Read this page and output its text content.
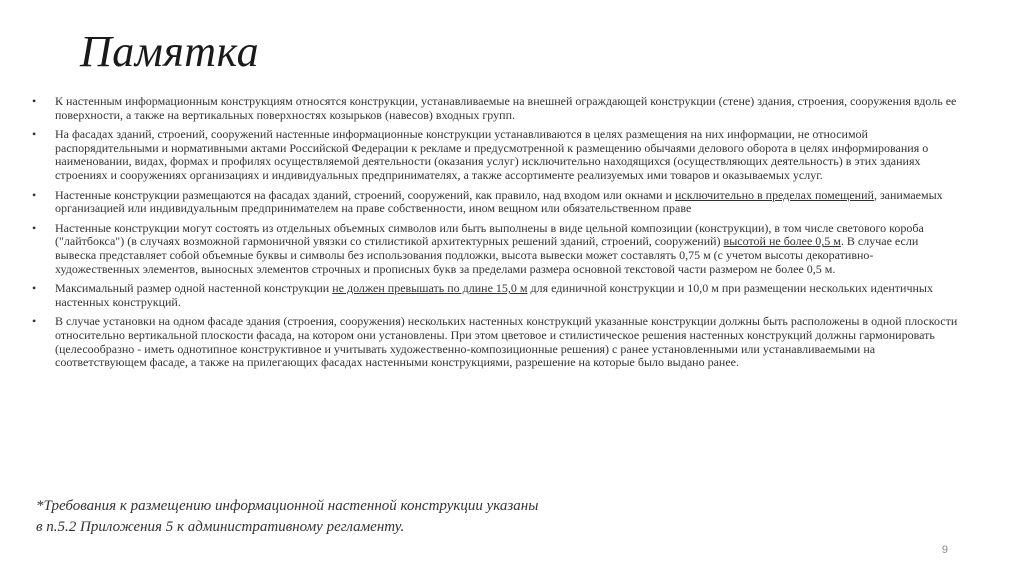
Памятка
• К настенным информационным конструкциям относятся конструкции, устанавливаемые на внешней ограждающей конструкции (стене) здания, строения, сооружения вдоль ее поверхности, а также на вертикальных поверхностях козырьков (навесов) входных групп.
• На фасадах зданий, строений, сооружений настенные информационные конструкции устанавливаются в целях размещения на них информации, не относимой распорядительными и нормативными актами Российской Федерации к рекламе и предусмотренной к размещению обычаями делового оборота в целях информирования о наименовании, видах, формах и профилях осуществляемой деятельности (оказания услуг) исключительно находящихся (осуществляющих деятельность) в этих зданиях строениях и сооружениях организациях и индивидуальных предпринимателях, а также ассортименте реализуемых ими товаров и оказываемых услуг.
• Настенные конструкции размещаются на фасадах зданий, строений, сооружений, как правило, над входом или окнами и исключительно в пределах помещений, занимаемых организацией или индивидуальным предпринимателем на праве собственности, ином вещном или обязательственном праве
• Настенные конструкции могут состоять из отдельных объемных символов или быть выполнены в виде цельной композиции (конструкции), в том числе светового короба ("лайтбокса") (в случаях возможной гармоничной увязки со стилистикой архитектурных решений зданий, строений, сооружений) высотой не более 0,5 м. В случае если вывеска представляет собой объемные буквы и символы без использования подложки, высота вывески может составлять 0,75 м (с учетом высоты декоративно-художественных элементов, выносных элементов строчных и прописных букв за пределами размера основной текстовой части размером не более 0,5 м.
• Максимальный размер одной настенной конструкции не должен превышать по длине 15,0 м для единичной конструкции и 10,0 м при размещении нескольких идентичных настенных конструкций.
• В случае установки на одном фасаде здания (строения, сооружения) нескольких настенных конструкций указанные конструкции должны быть расположены в одной плоскости относительно вертикальной плоскости фасада, на котором они установлены. При этом цветовое и стилистическое решения настенных конструкций должны гармонировать (целесообразно - иметь однотипное конструктивное и учитывать художественно-композиционные решения) с ранее установленными или устанавливаемыми на соответствующем фасаде, а также на прилегающих фасадах настенными конструкциями, разрешение на которые было выдано ранее.
*Требования к размещению информационной настенной конструкции указаны
в п.5.2 Приложения 5 к административному регламенту.
9
